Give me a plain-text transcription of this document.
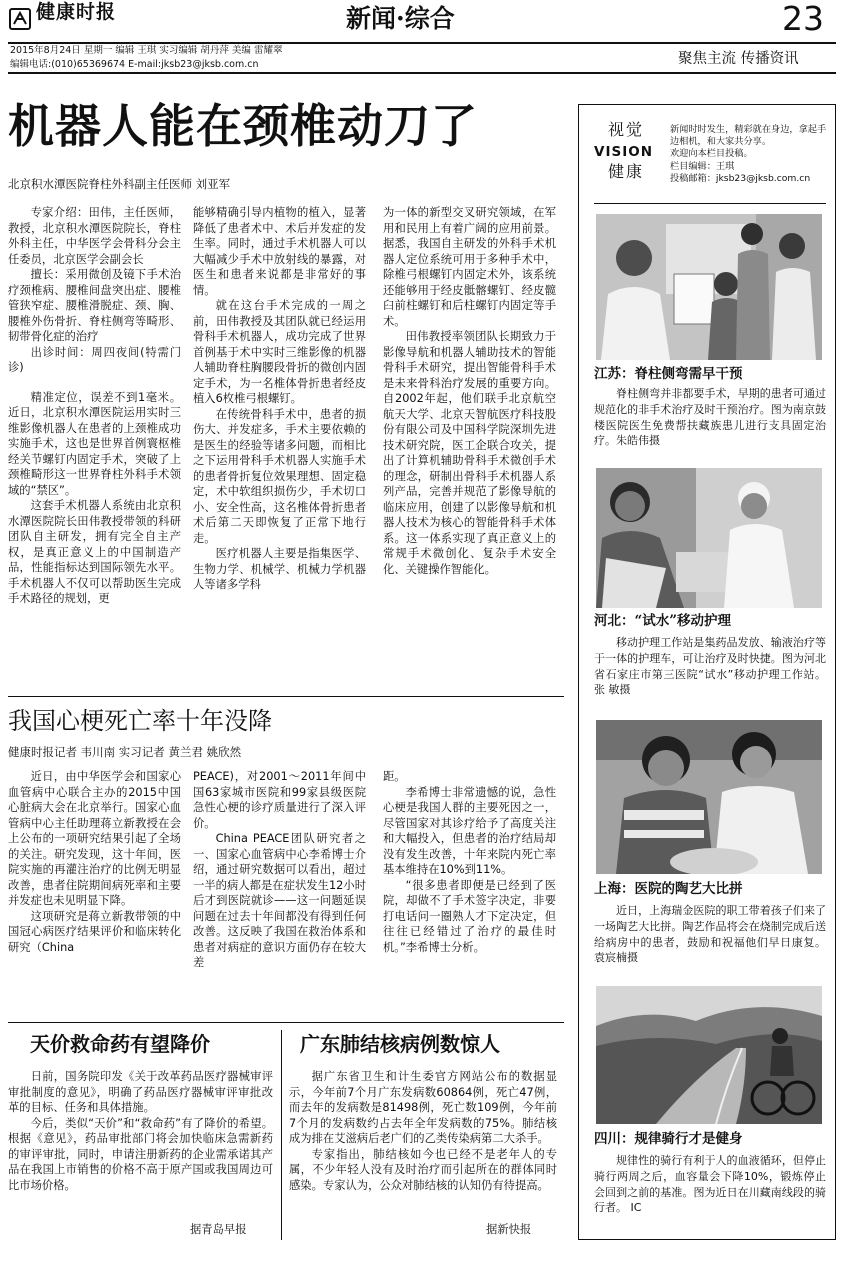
健康时报	新闻·综合	23
2015年8月24日 星期一 编辑 王琪 实习编辑 胡丹萍 美编 雷耀翠
编辑电话:(010)65369674 E-mail:jksb23@jksb.com.cn	聚焦主流 传播资讯
机器人能在颈椎动刀了
北京积水潭医院脊柱外科副主任医师 刘亚军

专家介绍：田伟，主任医师，教授，北京积水潭医院院长，脊柱外科主任，中华医学会骨科分会主任委员，北京医学会副会长

擅长：采用微创及镜下手术治疗颈椎病、腰椎间盘突出症、腰椎管狭窄症、腰椎滑脱症、颈、胸、腰椎外伤骨折、脊柱侧弯等畸形、韧带骨化症的治疗

出诊时间：周四夜间(特需门诊)

精准定位，误差不到1毫米。近日，北京积水潭医院运用实时三维影像机器人在患者的上颈椎成功实施手术，这也是世界首例寰枢椎经关节螺钉内固定手术，突破了上颈椎畸形这一世界脊柱外科手术领域的“禁区”。

这套手术机器人系统由北京积水潭医院院长田伟教授带领的科研团队自主研发，拥有完全自主产权，是真正意义上的中国制造产品，性能指标达到国际领先水平。手术机器人不仅可以帮助医生完成手术路径的规划，更

能够精确引导内植物的植入，显著降低了患者术中、术后并发症的发生率。同时，通过手术机器人可以大幅减少手术中放射线的暴露，对医生和患者来说都是非常好的事情。

就在这台手术完成的一周之前，田伟教授及其团队就已经运用骨科手术机器人，成功完成了世界首例基于术中实时三维影像的机器人辅助脊柱胸腰段骨折的微创内固定手术，为一名椎体骨折患者经皮植入6枚椎弓根螺钉。

在传统骨科手术中，患者的损伤大、并发症多，手术主要依赖的是医生的经验等诸多问题，而相比之下运用骨科手术机器人实施手术的患者骨折复位效果理想、固定稳定，术中软组织损伤少，手术切口小、安全性高，这名椎体骨折患者术后第二天即恢复了正常下地行走。

医疗机器人主要是指集医学、生物力学、机械学、机械力学机器人等诸多学科

为一体的新型交叉研究领域，在军用和民用上有着广阔的应用前景。据悉，我国自主研发的外科手术机器人定位系统可用于多种手术中，除椎弓根螺钉内固定术外，该系统还能够用于经皮骶髂螺钉、经皮髋臼前柱螺钉和后柱螺钉内固定等手术。

田伟教授率领团队长期致力于影像导航和机器人辅助技术的智能骨科手术研究，提出智能骨科手术是未来骨科治疗发展的重要方向。自2002年起，他们联手北京航空航天大学、北京天智航医疗科技股份有限公司及中国科学院深圳先进技术研究院，医工企联合攻关，提出了计算机辅助骨科手术微创手术的理念，研制出骨科手术机器人系列产品，完善并规范了影像导航的临床应用，创建了以影像导航和机器人技术为核心的智能骨科手术体系。这一体系实现了真正意义上的常规手术微创化、复杂手术安全化、关键操作智能化。

我国心梗死亡率十年没降
健康时报记者 韦川南 实习记者 黄兰君 姚欣然

近日，由中华医学会和国家心血管病中心联合主办的2015中国心脏病大会在北京举行。国家心血管病中心主任助理蒋立新教授在会上公布的一项研究结果引起了全场的关注。研究发现，这十年间，医院实施的再灌注治疗的比例无明显改善，患者住院期间病死率和主要并发症也未见明显下降。

这项研究是蒋立新教带领的中国冠心病医疗结果评价和临床转化研究（China

PEACE)，对2001～2011年间中国63家城市医院和99家县级医院急性心梗的诊疗质量进行了深入评价。

China PEACE团队研究者之一、国家心血管病中心李希博士介绍，通过研究数据可以看出，超过一半的病人都是在症状发生12小时后才到医院就诊——这一问题延误问题在过去十年间都没有得到任何改善。这反映了我国在救治体系和患者对病症的意识方面仍存在较大差

距。

李希博士非常遗憾的说，急性心梗是我国人群的主要死因之一，尽管国家对其诊疗给予了高度关注和大幅投入，但患者的治疗结局却没有发生改善，十年来院内死亡率基本维持在10%到11%。

“很多患者即便是已经到了医院，却做不了手术签字决定，非要打电话问一圈熟人才下定决定，但往往已经错过了治疗的最佳时机。”李希博士分析。

天价救命药有望降价

日前，国务院印发《关于改革药品医疗器械审评审批制度的意见》，明确了药品医疗器械审评审批改革的目标、任务和具体措施。

今后，类似“天价”和“救命药”有了降价的希望。根据《意见》，药品审批部门将会加快临床急需新药的审评审批，同时，申请注册新药的企业需承诺其产品在我国上市销售的价格不高于原产国或我国周边可比市场价格。

据青岛早报
广东肺结核病例数惊人

据广东省卫生和计生委官方网站公布的数据显示，今年前7个月广东发病数60864例，死亡47例，而去年的发病数是81498例，死亡数109例，今年前7个月的发病数约占去年全年发病数的75%。肺结核成为排在艾滋病后老广们的乙类传染病第二大杀手。

专家指出，肺结核如今也已经不是老年人的专属，不少年轻人没有及时治疗而引起所在的群体同时感染。专家认为，公众对肺结核的认知仍有待提高。

据新快报
视觉
VISION
健康
新闻时时发生，精彩就在身边，拿起手边相机，和大家共分享。
欢迎向本栏目投稿。
栏目编辑：王琪
投稿邮箱：jksb23@jksb.com.cn
江苏：脊柱侧弯需早干预

脊柱侧弯并非都要手术，早期的患者可通过规范化的非手术治疗及时干预治疗。图为南京鼓楼医院医生免费帮扶藏族患儿进行支具固定治疗。朱皓伟摄

河北：“试水”移动护理

移动护理工作站是集药品发放、输液治疗等于一体的护理车，可让治疗及时快捷。图为河北省石家庄市第三医院“试水”移动护理工作站。 张 敏摄

上海：医院的陶艺大比拼

近日，上海瑞金医院的职工带着孩子们来了一场陶艺大比拼。陶艺作品将会在烧制完成后送给病房中的患者，鼓励和祝福他们早日康复。 袁宸楠摄

四川：规律骑行才是健身

规律性的骑行有利于人的血液循环，但停止骑行两周之后，血容量会下降10%，锻炼停止会回到之前的基准。图为近日在川藏南线段的骑行者。 IC
